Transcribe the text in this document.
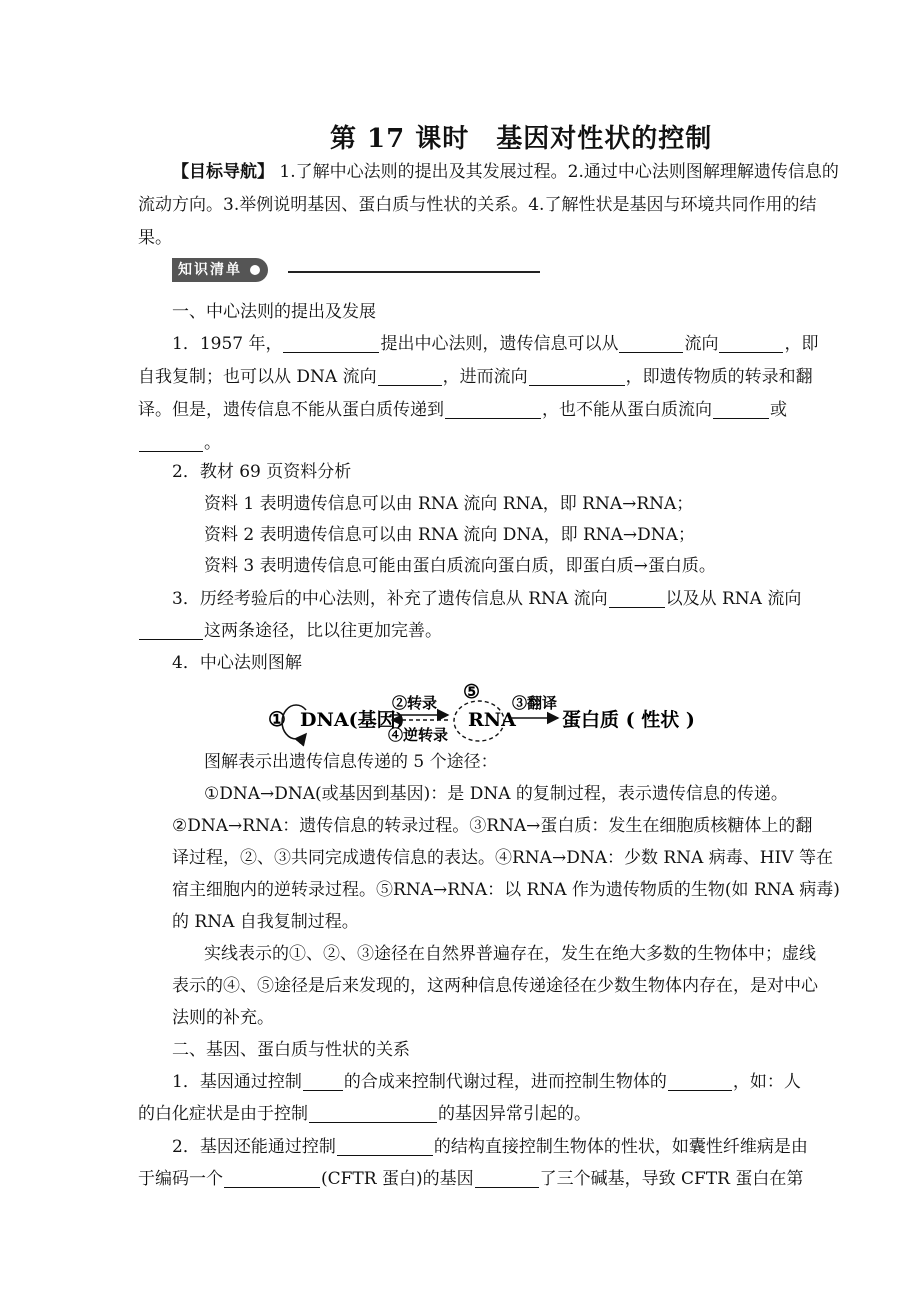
第 17 课时　基因对性状的控制
【目标导航】 1.了解中心法则的提出及其发展过程。2.通过中心法则图解理解遗传信息的
流动方向。3.举例说明基因、蛋白质与性状的关系。4.了解性状是基因与环境共同作用的结
果。
知识清单
一、中心法则的提出及发展
1．1957 年，	提出中心法则，遗传信息可以从	流向	，即
自我复制；也可以从 DNA 流向	，进而流向	，即遗传物质的转录和翻
译。但是，遗传信息不能从蛋白质传递到	，也不能从蛋白质流向	或
。
2．教材 69 页资料分析
资料 1 表明遗传信息可以由 RNA 流向 RNA，即 RNA→RNA；
资料 2 表明遗传信息可以由 RNA 流向 DNA，即 RNA→DNA；
资料 3 表明遗传信息可能由蛋白质流向蛋白质，即蛋白质→蛋白质。
3．历经考验后的中心法则，补充了遗传信息从 RNA 流向	以及从 RNA 流向
这两条途径，比以往更加完善。
4．中心法则图解
① DNA(基因)
②转录
④逆转录
⑤
RNA
③翻译
蛋白质 ( 性状 )
图解表示出遗传信息传递的 5 个途径：
①DNA→DNA(或基因到基因)：是 DNA 的复制过程，表示遗传信息的传递。
②DNA→RNA：遗传信息的转录过程。③RNA→蛋白质：发生在细胞质核糖体上的翻
译过程，②、③共同完成遗传信息的表达。④RNA→DNA：少数 RNA 病毒、HIV 等在
宿主细胞内的逆转录过程。⑤RNA→RNA：以 RNA 作为遗传物质的生物(如 RNA 病毒)
的 RNA 自我复制过程。
实线表示的①、②、③途径在自然界普遍存在，发生在绝大多数的生物体中；虚线
表示的④、⑤途径是后来发现的，这两种信息传递途径在少数生物体内存在，是对中心
法则的补充。
二、基因、蛋白质与性状的关系
1．基因通过控制 的合成来控制代谢过程，进而控制生物体的	，如：人
的白化症状是由于控制	的基因异常引起的。
2．基因还能通过控制	的结构直接控制生物体的性状，如囊性纤维病是由
于编码一个	(CFTR 蛋白)的基因	了三个碱基，导致 CFTR 蛋白在第
